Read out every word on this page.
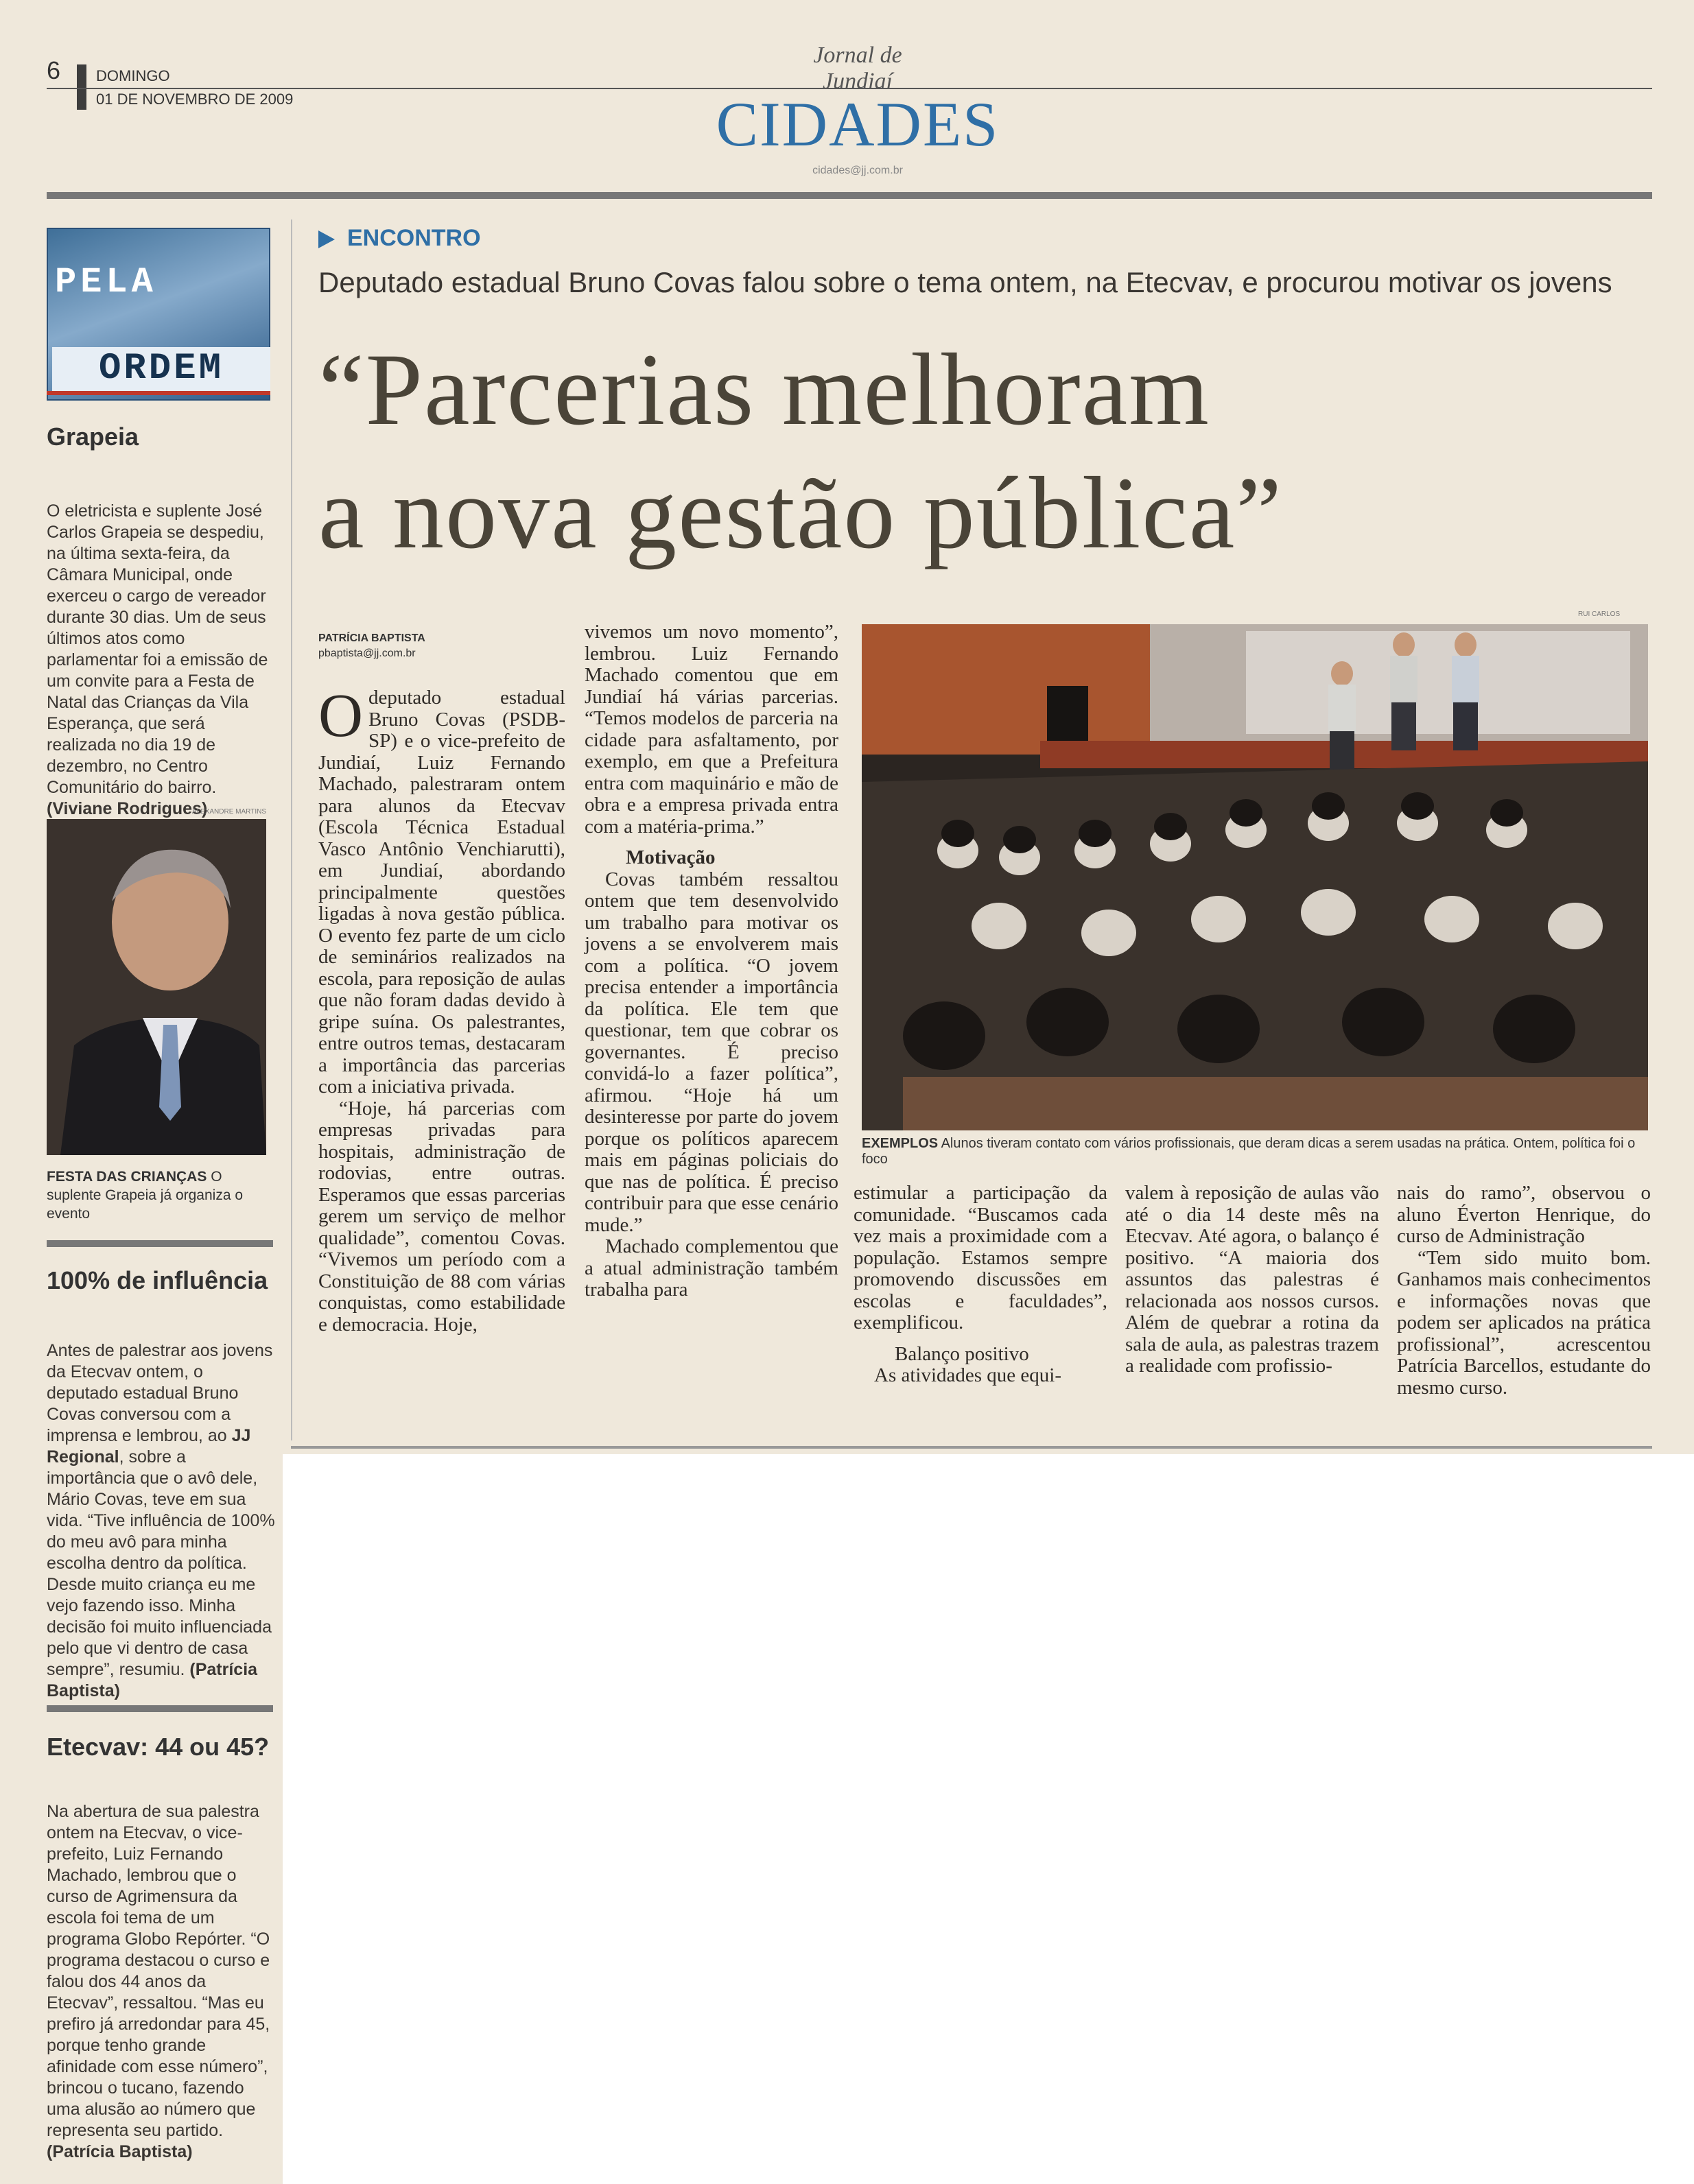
6 DOMINGO
01 DE NOVEMBRO DE 2009
Jornal de Jundiaí
CIDADES
cidades@jj.com.br
PELA
ORDEM
Grapeia
O eletricista e suplente José Carlos Grapeia se despediu, na última sexta-feira, da Câmara Municipal, onde exerceu o cargo de vereador durante 30 dias. Um de seus últimos atos como parlamentar foi a emissão de um convite para a Festa de Natal das Crianças da Vila Esperança, que será realizada no dia 19 de dezembro, no Centro Comunitário do bairro. (Viviane Rodrigues)
ALEXANDRE MARTINS
FESTA DAS CRIANÇAS O suplente Grapeia já organiza o evento
100% de influência
Antes de palestrar aos jovens da Etecvav ontem, o deputado estadual Bruno Covas conversou com a imprensa e lembrou, ao JJ Regional, sobre a importância que o avô dele, Mário Covas, teve em sua vida. “Tive influência de 100% do meu avô para minha escolha dentro da política. Desde muito criança eu me vejo fazendo isso. Minha decisão foi muito influenciada pelo que vi dentro de casa sempre”, resumiu. (Patrícia Baptista)
Etecvav: 44 ou 45?
Na abertura de sua palestra ontem na Etecvav, o vice-prefeito, Luiz Fernando Machado, lembrou que o curso de Agrimensura da escola foi tema de um programa Globo Repórter. “O programa destacou o curso e falou dos 44 anos da Etecvav”, ressaltou. “Mas eu prefiro já arredondar para 45, porque tenho grande afinidade com esse número”, brincou o tucano, fazendo uma alusão ao número que representa seu partido. (Patrícia Baptista)
ENCONTRO
Deputado estadual Bruno Covas falou sobre o tema ontem, na Etecvav, e procurou motivar os jovens
“Parcerias melhoram
a nova gestão pública”
PATRÍCIA BAPTISTA
pbaptista@jj.com.br

Odeputado estadual Bruno Covas (PSDB-SP) e o vice-prefeito de Jundiaí, Luiz Fernando Machado, palestraram ontem para alunos da Etecvav (Escola Técnica Estadual Vasco Antônio Venchiarutti), em Jundiaí, abordando principalmente questões ligadas à nova gestão pública. O evento fez parte de um ciclo de seminários realizados na escola, para reposição de aulas que não foram dadas devido à gripe suína. Os palestrantes, entre outros temas, destacaram a importância das parcerias com a iniciativa privada.

“Hoje, há parcerias com empresas privadas para hospitais, administração de rodovias, entre outras. Esperamos que essas parcerias gerem um serviço de melhor qualidade”, comentou Covas. “Vivemos um período com a Constituição de 88 com várias conquistas, como estabilidade e democracia. Hoje,

vivemos um novo momento”, lembrou. Luiz Fernando Machado comentou que em Jundiaí há várias parcerias. “Temos modelos de parceria na cidade para asfaltamento, por exemplo, em que a Prefeitura entra com maquinário e mão de obra e a empresa privada entra com a matéria-prima.”

Motivação

Covas também ressaltou ontem que tem desenvolvido um trabalho para motivar os jovens a se envolverem mais com a política. “O jovem precisa entender a importância da política. Ele tem que questionar, tem que cobrar os governantes. É preciso convidá-lo a fazer política”, afirmou. “Hoje há um desinteresse por parte do jovem porque os políticos aparecem mais em páginas policiais do que nas de política. É preciso contribuir para que esse cenário mude.”

Machado complementou que a atual administração também trabalha para

RUI CARLOS
EXEMPLOS Alunos tiveram contato com vários profissionais, que deram dicas a serem usadas na prática. Ontem, política foi o foco

estimular a participação da comunidade. “Buscamos cada vez mais a proximidade com a população. Estamos sempre promovendo discussões em escolas e faculdades”, exemplificou.

Balanço positivo

As atividades que equi-

valem à reposição de aulas vão até o dia 14 deste mês na Etecvav. Até agora, o balanço é positivo. “A maioria dos assuntos das palestras é relacionada aos nossos cursos. Além de quebrar a rotina da sala de aula, as palestras trazem a realidade com profissio-

nais do ramo”, observou o aluno Éverton Henrique, do curso de Administração

“Tem sido muito bom. Ganhamos mais conhecimentos e informações novas que podem ser aplicados na prática profissional”, acrescentou Patrícia Barcellos, estudante do mesmo curso.
